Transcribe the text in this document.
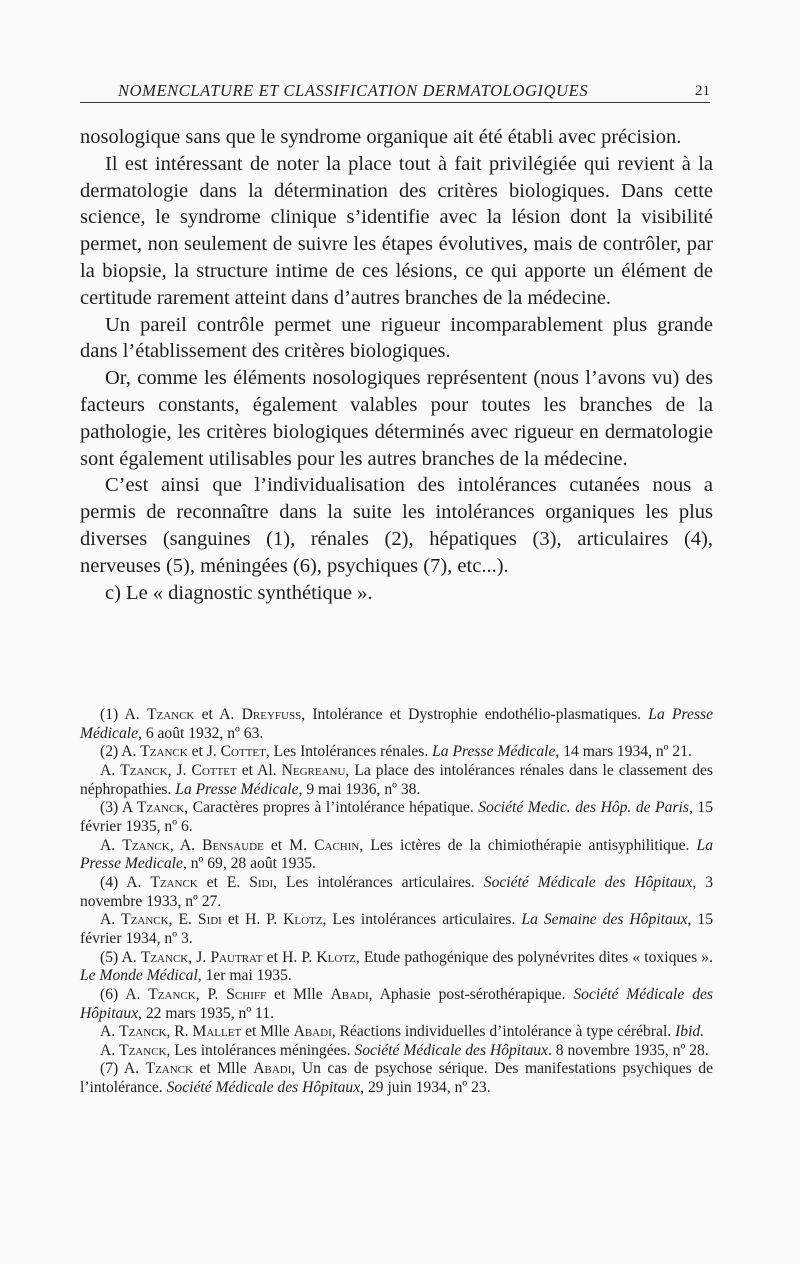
NOMENCLATURE ET CLASSIFICATION DERMATOLOGIQUES	21

nosologique sans que le syndrome organique ait été établi avec précision.

Il est intéressant de noter la place tout à fait privilégiée qui revient à la dermatologie dans la détermination des critères biologiques. Dans cette science, le syndrome clinique s’identifie avec la lésion dont la visibilité permet, non seulement de suivre les étapes évolutives, mais de contrôler, par la biopsie, la structure intime de ces lésions, ce qui apporte un élément de certitude rarement atteint dans d’autres branches de la médecine.

Un pareil contrôle permet une rigueur incomparablement plus grande dans l’établissement des critères biologiques.

Or, comme les éléments nosologiques représentent (nous l’avons vu) des facteurs constants, également valables pour toutes les branches de la pathologie, les critères biologiques déterminés avec rigueur en dermatologie sont également utilisables pour les autres branches de la médecine.

C’est ainsi que l’individualisation des intolérances cutanées nous a permis de reconnaître dans la suite les intolérances organiques les plus diverses (sanguines (1), rénales (2), hépatiques (3), articulaires (4), nerveuses (5), méningées (6), psychiques (7), etc...).

c) Le « diagnostic synthétique ».

(1) A. Tzanck et A. Dreyfuss, Intolérance et Dystrophie endothélio-plasmatiques. La Presse Médicale, 6 août 1932, nº 63.

(2) A. Tzanck et J. Cottet, Les Intolérances rénales. La Presse Médicale, 14 mars 1934, nº 21.

A. Tzanck, J. Cottet et Al. Negreanu, La place des intolérances rénales dans le classement des néphropathies. La Presse Médicale, 9 mai 1936, nº 38.

(3) A Tzanck, Caractères propres à l’intolérance hépatique. Société Medic. des Hôp. de Paris, 15 février 1935, nº 6.

A. Tzanck, A. Bensaude et M. Cachin, Les ictères de la chimiothérapie antisyphilitique. La Presse Medicale, nº 69, 28 août 1935.

(4) A. Tzanck et E. Sidi, Les intolérances articulaires. Société Médicale des Hôpitaux, 3 novembre 1933, nº 27.

A. Tzanck, E. Sidi et H. P. Klotz, Les intolérances articulaires. La Semaine des Hôpitaux, 15 février 1934, nº 3.

(5) A. Tzanck, J. Pautrat et H. P. Klotz, Etude pathogénique des polynévrites dites « toxiques ». Le Monde Médical, 1er mai 1935.

(6) A. Tzanck, P. Schiff et Mlle Abadi, Aphasie post-sérothérapique. Société Médicale des Hôpitaux, 22 mars 1935, nº 11.

A. Tzanck, R. Mallet et Mlle Abadi, Réactions individuelles d’intolérance à type cérébral. Ibid.

A. Tzanck, Les intolérances méningées. Société Médicale des Hôpitaux. 8 novembre 1935, nº 28.

(7) A. Tzanck et Mlle Abadi, Un cas de psychose sérique. Des manifestations psychiques de l’intolérance. Société Médicale des Hôpitaux, 29 juin 1934, nº 23.
